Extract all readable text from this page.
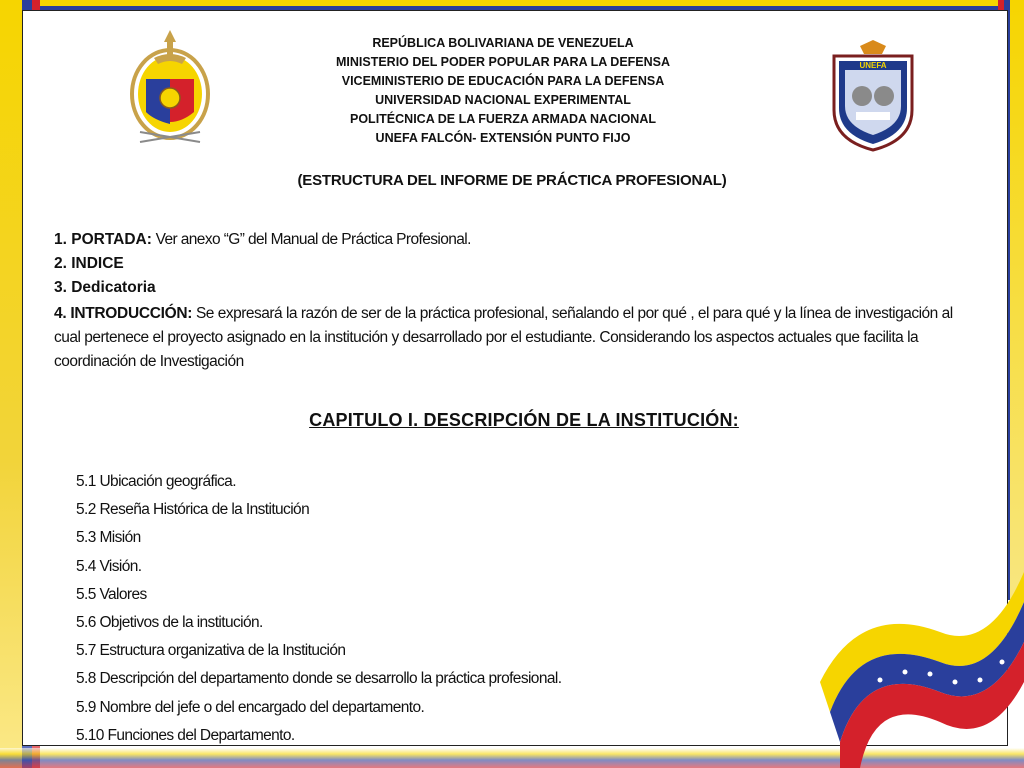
UNEFA
REPÚBLICA BOLIVARIANA DE VENEZUELA
MINISTERIO DEL PODER POPULAR PARA LA DEFENSA
VICEMINISTERIO DE EDUCACIÓN PARA LA DEFENSA
UNIVERSIDAD NACIONAL EXPERIMENTAL
POLITÉCNICA DE LA FUERZA ARMADA NACIONAL
UNEFA FALCÓN- EXTENSIÓN PUNTO FIJO
(ESTRUCTURA DEL INFORME DE PRÁCTICA PROFESIONAL)
1. PORTADA: Ver anexo “G” del Manual de Práctica Profesional.
2. INDICE
3. Dedicatoria
4. INTRODUCCIÓN: Se expresará la razón de ser de la práctica profesional, señalando el por qué , el para qué y la línea de investigación al cual pertenece el proyecto asignado en la institución y desarrollado por el estudiante. Considerando los aspectos actuales que facilita la coordinación de Investigación
CAPITULO I. DESCRIPCIÓN DE LA INSTITUCIÓN:
5.1 Ubicación geográfica.
5.2 Reseña Histórica de la Institución
5.3 Misión
5.4 Visión.
5.5 Valores
5.6 Objetivos de la institución.
5.7 Estructura organizativa de la Institución
5.8 Descripción del departamento donde se desarrollo la práctica profesional.
5.9 Nombre del jefe o del encargado del departamento.
5.10 Funciones del Departamento.
